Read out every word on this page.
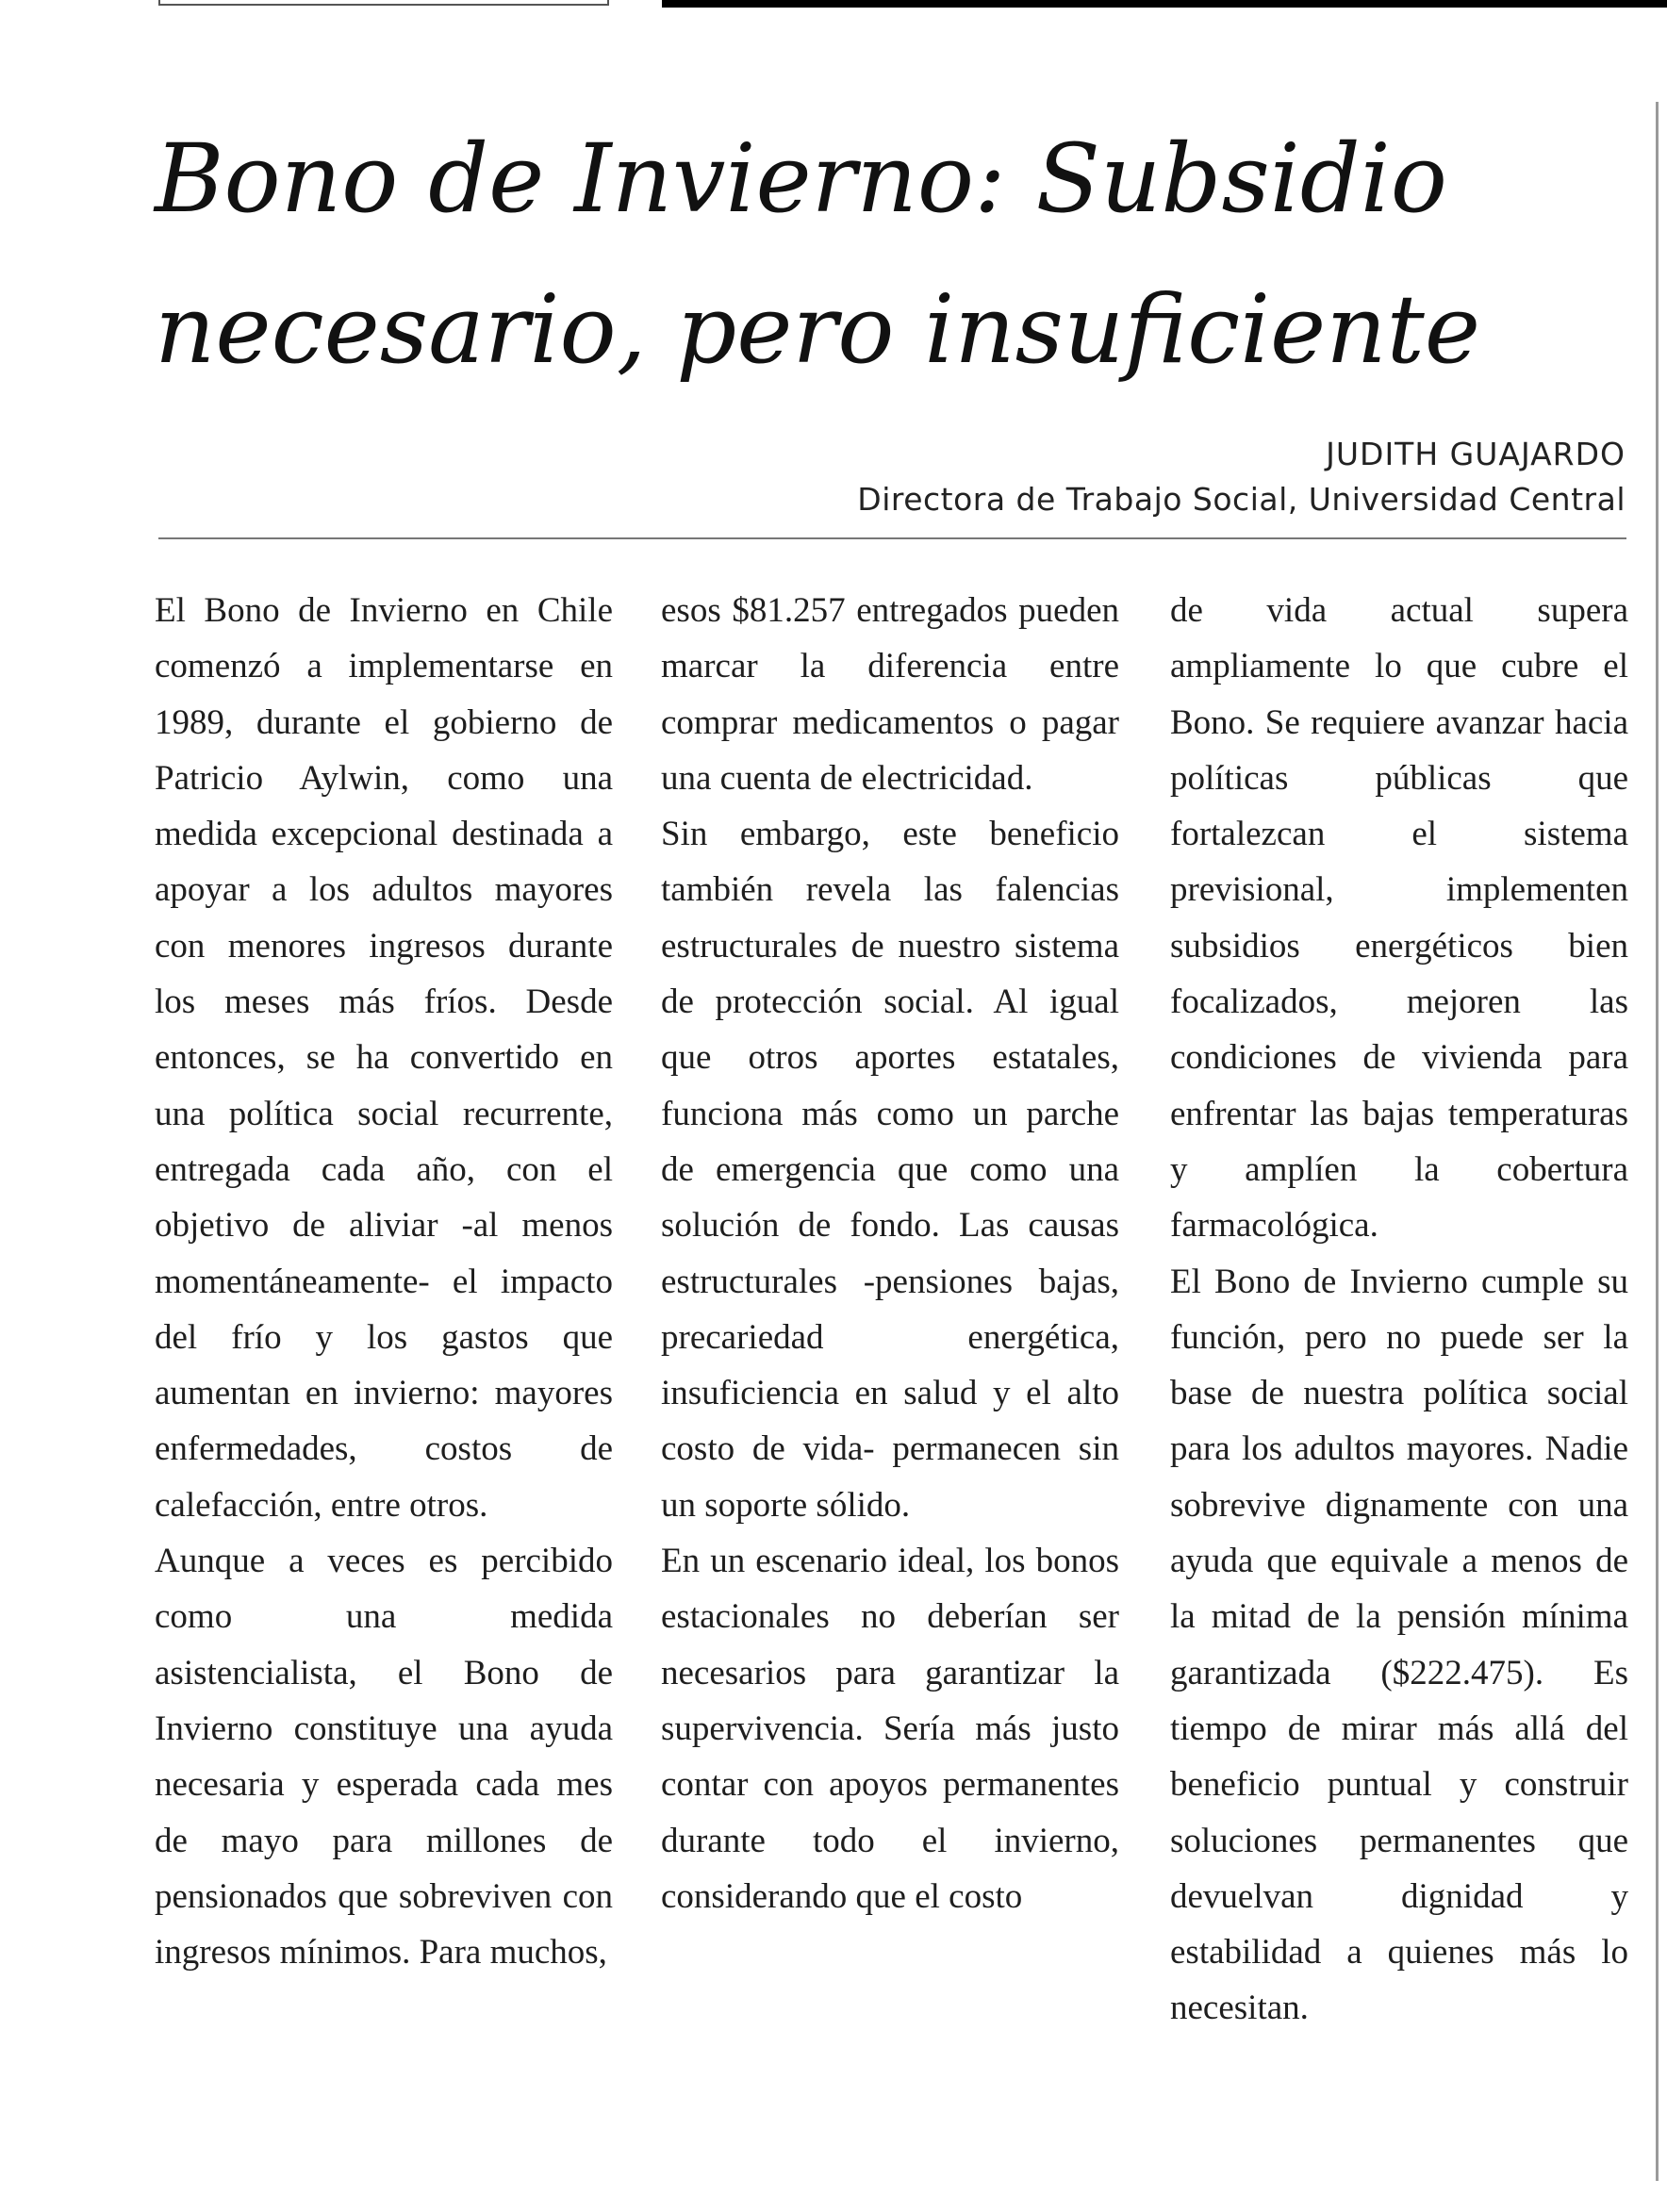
Bono de Invierno: Subsidio necesario, pero insuficiente
JUDITH GUAJARDO
Directora de Trabajo Social, Universidad Central

El Bono de Invierno en Chile comenzó a implementarse en 1989, durante el gobierno de Patricio Aylwin, como una medida excepcional destinada a apoyar a los adultos mayores con menores ingresos durante los meses más fríos. Desde entonces, se ha convertido en una política social recurrente, entregada cada año, con el objetivo de aliviar -al menos momentáneamente- el impacto del frío y los gastos que aumentan en invierno: mayores enfermedades, costos de calefacción, entre otros.

Aunque a veces es percibido como una medida asistencialista, el Bono de Invierno constituye una ayuda necesaria y esperada cada mes de mayo para millones de pensionados que sobreviven con ingresos mínimos. Para muchos,

esos $81.257 entregados pueden marcar la diferencia entre comprar medicamentos o pagar una cuenta de electricidad.

Sin embargo, este beneficio también revela las falencias estructurales de nuestro sistema de protección social. Al igual que otros aportes estatales, funciona más como un parche de emergencia que como una solución de fondo. Las causas estructurales -pensiones bajas, precariedad energética, insuficiencia en salud y el alto costo de vida- permanecen sin un soporte sólido.

En un escenario ideal, los bonos estacionales no deberían ser necesarios para garantizar la supervivencia. Sería más justo contar con apoyos permanentes durante todo el invierno, considerando que el costo

de vida actual supera ampliamente lo que cubre el Bono. Se requiere avanzar hacia políticas públicas que fortalezcan el sistema previsional, implementen subsidios energéticos bien focalizados, mejoren las condiciones de vivienda para enfrentar las bajas temperaturas y amplíen la cobertura farmacológica.

El Bono de Invierno cumple su función, pero no puede ser la base de nuestra política social para los adultos mayores. Nadie sobrevive dignamente con una ayuda que equivale a menos de la mitad de la pensión mínima garantizada ($222.475). Es tiempo de mirar más allá del beneficio puntual y construir soluciones permanentes que devuelvan dignidad y estabilidad a quienes más lo necesitan.
